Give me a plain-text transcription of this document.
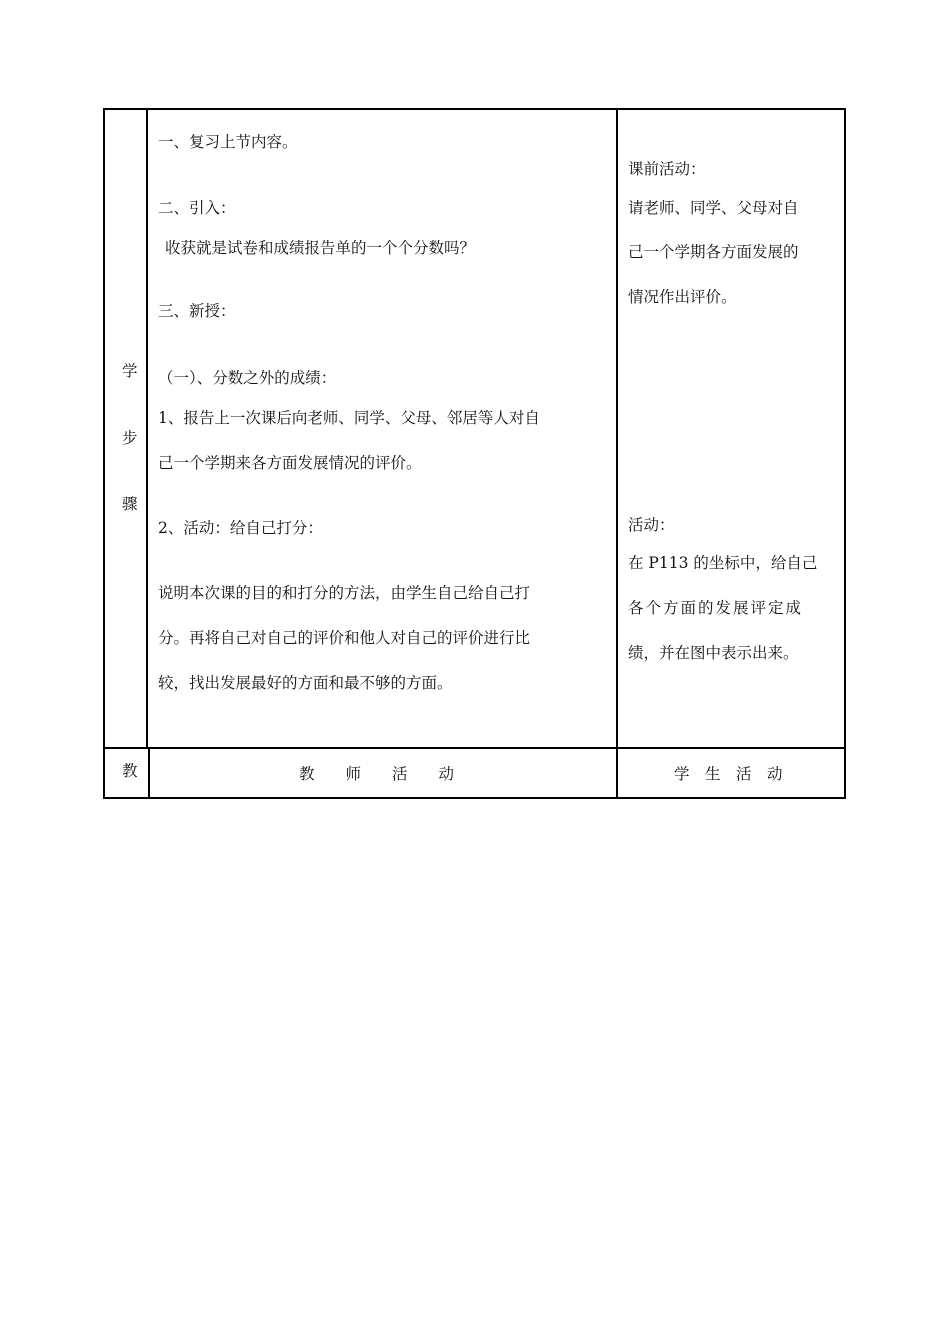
学
步
骤
教
一、复习上节内容。
二、引入：
收获就是试卷和成绩报告单的一个个分数吗？
三、新授：
（一）、分数之外的成绩：
1、报告上一次课后向老师、同学、父母、邻居等人对自
己一个学期来各方面发展情况的评价。
2、活动：给自己打分：
说明本次课的目的和打分的方法，由学生自己给自己打
分。再将自己对自己的评价和他人对自己的评价进行比
较，找出发展最好的方面和最不够的方面。
课前活动：
请老师、同学、父母对自
己一个学期各方面发展的
情况作出评价。
活动：
在 P113 的坐标中，给自己
各个方面的发展评定成
绩，并在图中表示出来。
教　　师　　活　　动	学　生　活　动
